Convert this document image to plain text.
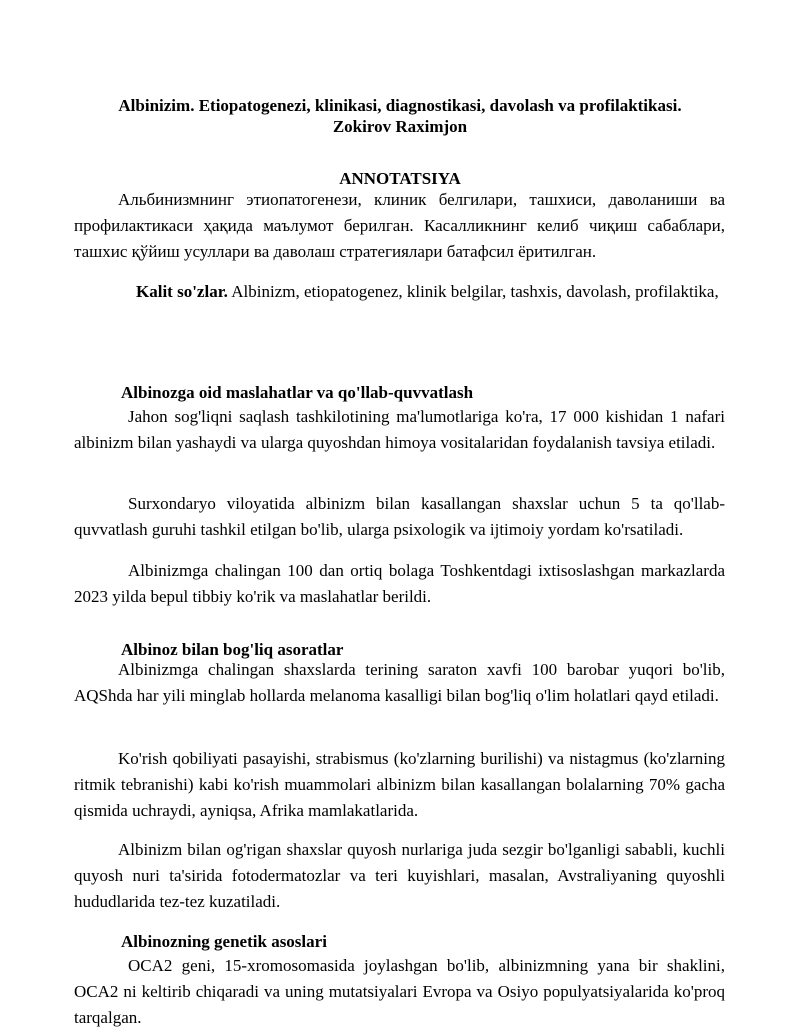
Albinizim. Etiopatogenezi, klinikasi, diagnostikasi, davolash va profilaktikasi.

Zokirov Raximjon

ANNOTATSIYA

Альбинизмнинг этиопатогенези, клиник белгилари, ташхиси, даволаниши ва профилактикаси ҳақида маълумот берилган. Касалликнинг келиб чиқиш сабаблари, ташхис қўйиш усуллари ва даволаш стратегиялари батафсил ёритилган.

Kalit so'zlar. Albinizm, etiopatogenez, klinik belgilar, tashxis, davolash, profilaktika,

Albinozga oid maslahatlar va qo'llab-quvvatlash

Jahon sog'liqni saqlash tashkilotining ma'lumotlariga ko'ra, 17 000 kishidan 1 nafari albinizm bilan yashaydi va ularga quyoshdan himoya vositalaridan foydalanish tavsiya etiladi.

Surxondaryo viloyatida albinizm bilan kasallangan shaxslar uchun 5 ta qo'llab-quvvatlash guruhi tashkil etilgan bo'lib, ularga psixologik va ijtimoiy yordam ko'rsatiladi.

Albinizmga chalingan 100 dan ortiq bolaga Toshkentdagi ixtisoslashgan markazlarda 2023 yilda bepul tibbiy ko'rik va maslahatlar berildi.

Albinoz bilan bog'liq asoratlar

Albinizmga chalingan shaxslarda terining saraton xavfi 100 barobar yuqori bo'lib, AQShda har yili minglab hollarda melanoma kasalligi bilan bog'liq o'lim holatlari qayd etiladi.

Ko'rish qobiliyati pasayishi, strabismus (ko'zlarning burilishi) va nistagmus (ko'zlarning ritmik tebranishi) kabi ko'rish muammolari albinizm bilan kasallangan bolalarning 70% gacha qismida uchraydi, ayniqsa, Afrika mamlakatlarida.

Albinizm bilan og'rigan shaxslar quyosh nurlariga juda sezgir bo'lganligi sababli, kuchli quyosh nuri ta'sirida fotodermatozlar va teri kuyishlari, masalan, Avstraliyaning quyoshli hududlarida tez-tez kuzatiladi.

Albinozning genetik asoslari

OCA2 geni, 15-xromosomasida joylashgan bo'lib, albinizmning yana bir shaklini, OCA2 ni keltirib chiqaradi va uning mutatsiyalari Evropa va Osiyo populyatsiyalarida ko'proq tarqalgan.
